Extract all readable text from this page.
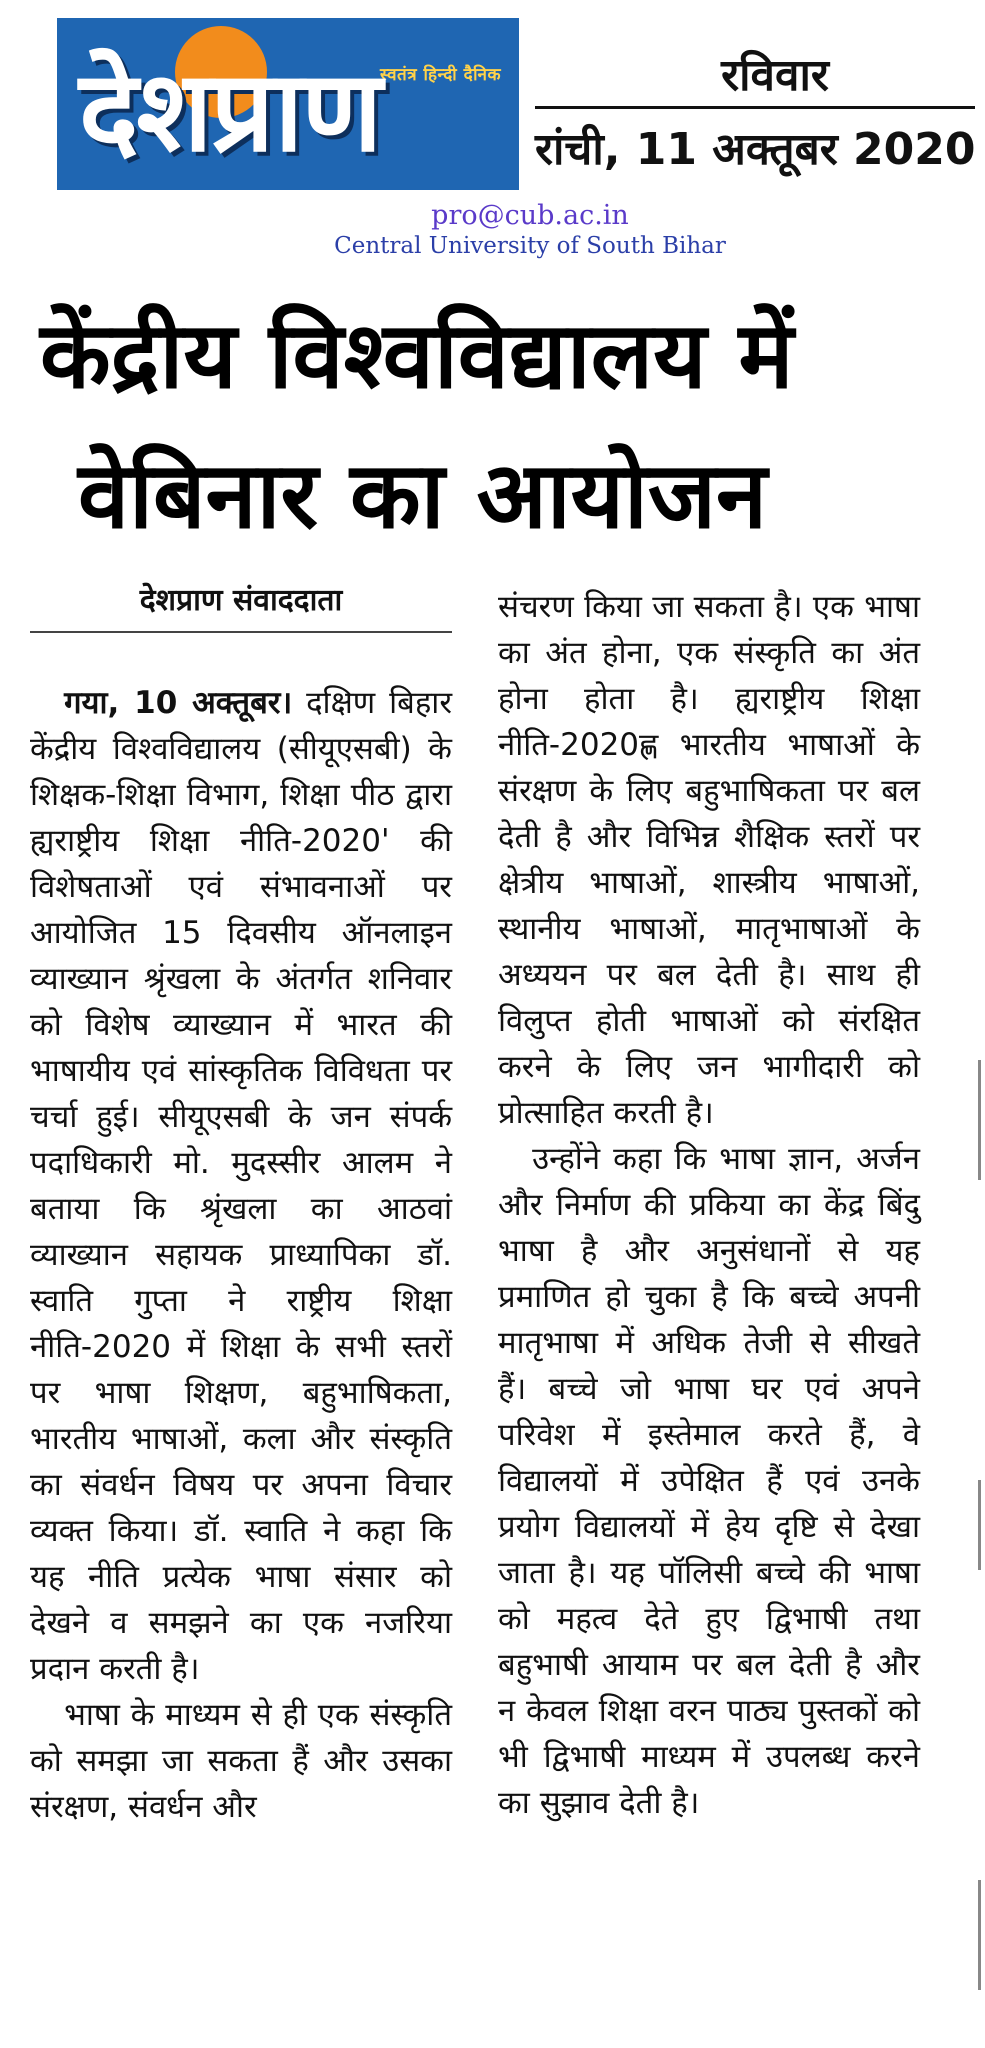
स्वतंत्र हिन्दी दैनिक
देशप्राण	रविवार
रांची, 11 अक्तूबर 2020
pro@cub.ac.in
Central University of South Bihar
केंद्रीय विश्वविद्यालय में
वेबिनार का आयोजन
देशप्राण संवाददाता

गया, 10 अक्तूबर। दक्षिण बिहार केंद्रीय विश्वविद्यालय (सीयूएसबी) के शिक्षक-शिक्षा विभाग, शिक्षा पीठ द्वारा ह्यराष्ट्रीय शिक्षा नीति-2020' की विशेषताओं एवं संभावनाओं पर आयोजित 15 दिवसीय ऑनलाइन व्याख्यान श्रृंखला के अंतर्गत शनिवार को विशेष व्याख्यान में भारत की भाषायीय एवं सांस्कृतिक विविधता पर चर्चा हुई। सीयूएसबी के जन संपर्क पदाधिकारी मो. मुदस्सीर आलम ने बताया कि श्रृंखला का आठवां व्याख्यान सहायक प्राध्यापिका डॉ. स्वाति गुप्ता ने राष्ट्रीय शिक्षा नीति-2020 में शिक्षा के सभी स्तरों पर भाषा शिक्षण, बहुभाषिकता, भारतीय भाषाओं, कला और संस्कृति का संवर्धन विषय पर अपना विचार व्यक्त किया। डॉ. स्वाति ने कहा कि यह नीति प्रत्येक भाषा संसार को देखने व समझने का एक नजरिया प्रदान करती है।

भाषा के माध्यम से ही एक संस्कृति को समझा जा सकता हैं और उसका संरक्षण, संवर्धन और

संचरण किया जा सकता है। एक भाषा का अंत होना, एक संस्कृति का अंत होना होता है। ह्यराष्ट्रीय शिक्षा नीति-2020ह्ण भारतीय भाषाओं के संरक्षण के लिए बहुभाषिकता पर बल देती है और विभिन्न शैक्षिक स्तरों पर क्षेत्रीय भाषाओं, शास्त्रीय भाषाओं, स्थानीय भाषाओं, मातृभाषाओं के अध्ययन पर बल देती है। साथ ही विलुप्त होती भाषाओं को संरक्षित करने के लिए जन भागीदारी को प्रोत्साहित करती है।

उन्होंने कहा कि भाषा ज्ञान, अर्जन और निर्माण की प्रकिया का केंद्र बिंदु भाषा है और अनुसंधानों से यह प्रमाणित हो चुका है कि बच्चे अपनी मातृभाषा में अधिक तेजी से सीखते हैं। बच्चे जो भाषा घर एवं अपने परिवेश में इस्तेमाल करते हैं, वे विद्यालयों में उपेक्षित हैं एवं उनके प्रयोग विद्यालयों में हेय दृष्टि से देखा जाता है। यह पॉलिसी बच्चे की भाषा को महत्व देते हुए द्विभाषी तथा बहुभाषी आयाम पर बल देती है और न केवल शिक्षा वरन पाठ्य पुस्तकों को भी द्विभाषी माध्यम में उपलब्ध करने का सुझाव देती है।
